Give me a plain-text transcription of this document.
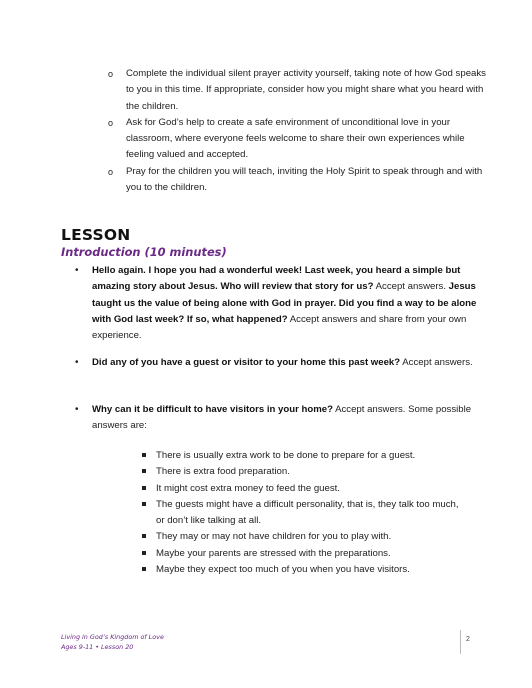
o Complete the individual silent prayer activity yourself, taking note of how God speaks to you in this time. If appropriate, consider how you might share what you heard with the children.
o Ask for God’s help to create a safe environment of unconditional love in your classroom, where everyone feels welcome to share their own experiences while feeling valued and accepted.
o Pray for the children you will teach, inviting the Holy Spirit to speak through and with you to the children.
LESSON
Introduction (10 minutes)
• Hello again. I hope you had a wonderful week! Last week, you heard a simple but amazing story about Jesus. Who will review that story for us? Accept answers. Jesus taught us the value of being alone with God in prayer. Did you find a way to be alone with God last week? If so, what happened? Accept answers and share from your own experience.
• Did any of you have a guest or visitor to your home this past week? Accept answers.
• Why can it be difficult to have visitors in your home? Accept answers. Some possible answers are:
There is usually extra work to be done to prepare for a guest.
There is extra food preparation.
It might cost extra money to feed the guest.
The guests might have a difficult personality, that is, they talk too much, or don’t like talking at all.
They may or may not have children for you to play with.
Maybe your parents are stressed with the preparations.
Maybe they expect too much of you when you have visitors.
Living in God’s Kingdom of Love
Ages 9-11 • Lesson 20
2
